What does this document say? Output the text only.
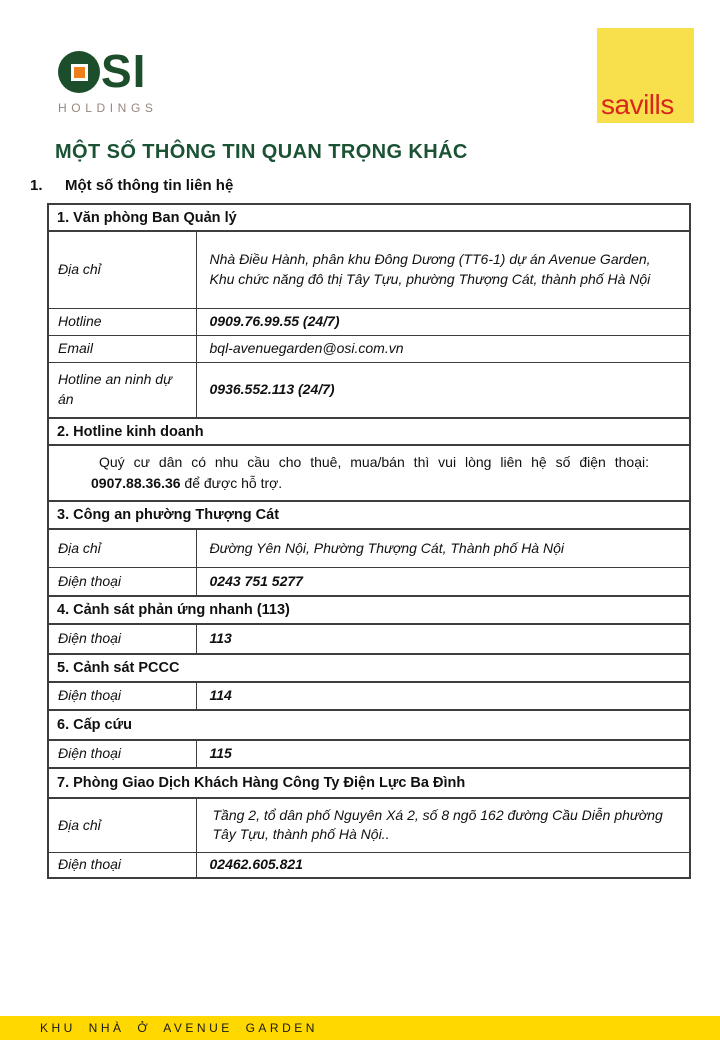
SI
HOLDINGS	savills
MỘT SỐ THÔNG TIN QUAN TRỌNG KHÁC
1.	Một số thông tin liên hệ
1. Văn phòng Ban Quản lý	
Địa chỉ	Nhà Điều Hành, phân khu Đông Dương (TT6-1) dự án Avenue Garden, Khu chức năng đô thị Tây Tựu, phường Thượng Cát, thành phố Hà Nội
Hotline	0909.76.99.55 (24/7)
Email	bql-avenuegarden@osi.com.vn
Hotline an ninh dự án	0936.552.113 (24/7)
2. Hotline kinh doanh	
Quý cư dân có nhu cầu cho thuê, mua/bán thì vui lòng liên hệ số điện thoại: 0907.88.36.36 để được hỗ trợ.	
3. Công an phường Thượng Cát	
Địa chỉ	Đường Yên Nội, Phường Thượng Cát, Thành phố Hà Nội
Điện thoại	0243 751 5277
4. Cảnh sát phản ứng nhanh (113)	
Điện thoại	113
5. Cảnh sát PCCC	
Điện thoại	114
6. Cấp cứu	
Điện thoại	115
7. Phòng Giao Dịch Khách Hàng Công Ty Điện Lực Ba Đình	
Địa chỉ	Tầng 2, tổ dân phố Nguyên Xá 2, số 8 ngõ 162 đường Cầu Diễn phường Tây Tựu, thành phố Hà Nội..
Điện thoại	02462.605.821
KHU NHÀ Ở AVENUE GARDEN
